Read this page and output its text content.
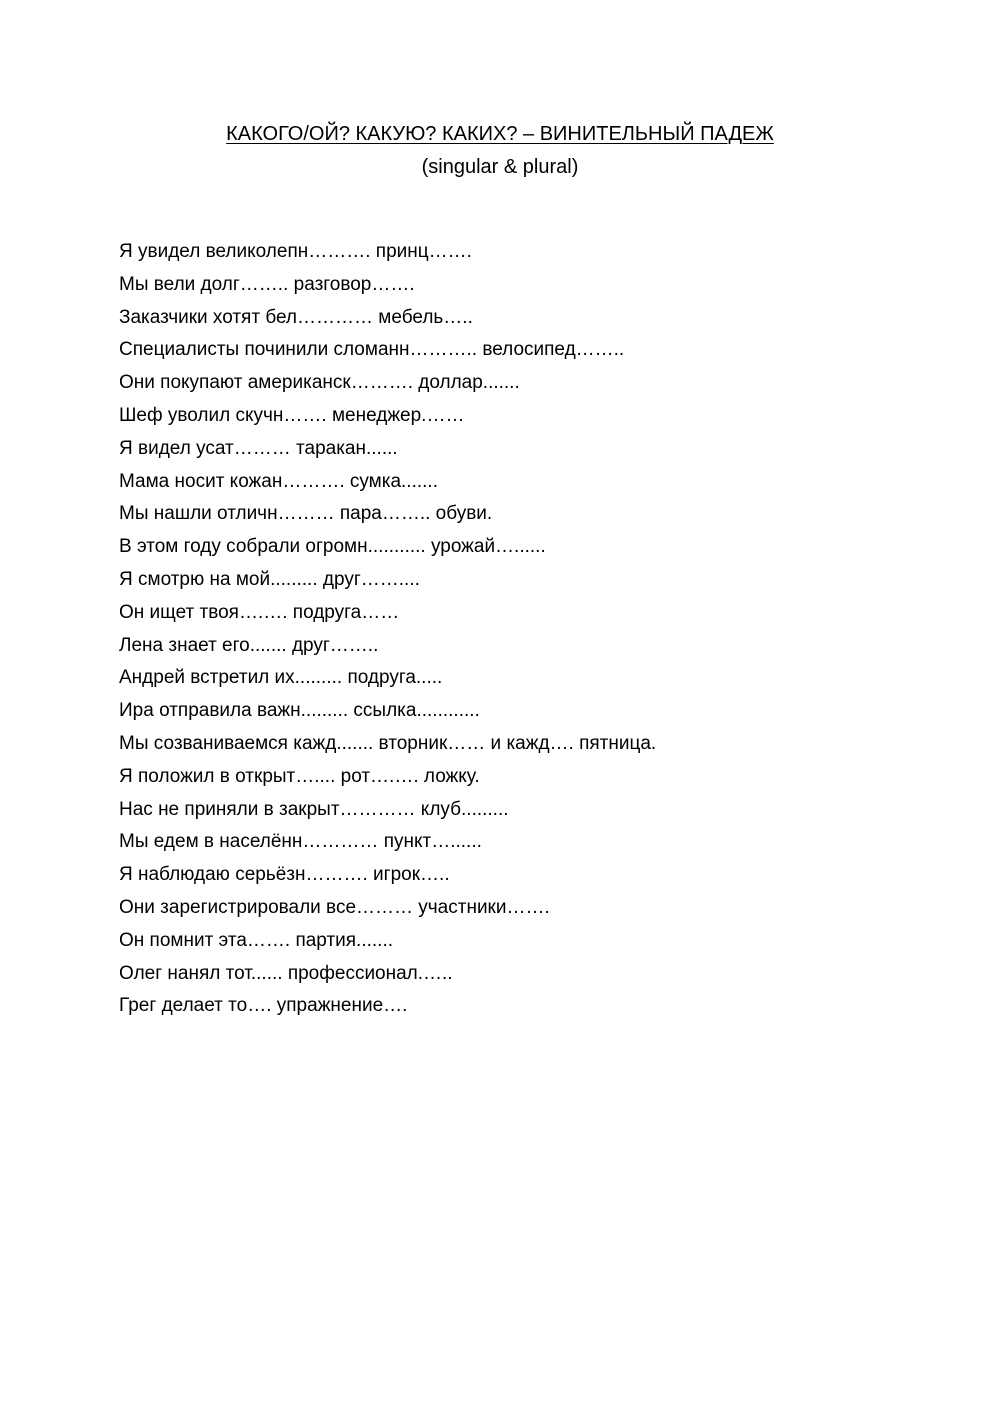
КАКОГО/ОЙ? КАКУЮ? КАКИХ? – ВИНИТЕЛЬНЫЙ ПАДЕЖ
(singular & plural)
Я увидел великолепн………. принц…….
Мы вели долг…….. разговор…….
Заказчики хотят бел………… мебель…..
Специалисты починили сломанн……….. велосипед……..
Они покупают американск………. доллар.......
Шеф уволил скучн……. менеджер.……
Я видел усат……… таракан......
Мама носит кожан………. сумка.......
Мы нашли отличн……… пара…….. обуви.
В этом году собрали огромн........... урожай…......
Я смотрю на мой......... друг……....
Он ищет твоя….…. подруга……
Лена знает его....... друг……..
Андрей встретил их......... подруга.....
Ира отправила важн......... ссылка............
Мы созваниваемся кажд....... вторник…… и кажд…. пятница.
Я положил в открыт….... рот….…. ложку.
Нас не приняли в закрыт………… клуб.........
Мы едем в населённ………… пункт…......
Я наблюдаю серьёзн………. игрок…..
Они зарегистрировали все……… участники…….
Он помнит эта……. партия.......
Олег нанял тот...... профессионал.…..
Грег делает то…. упражнение….
